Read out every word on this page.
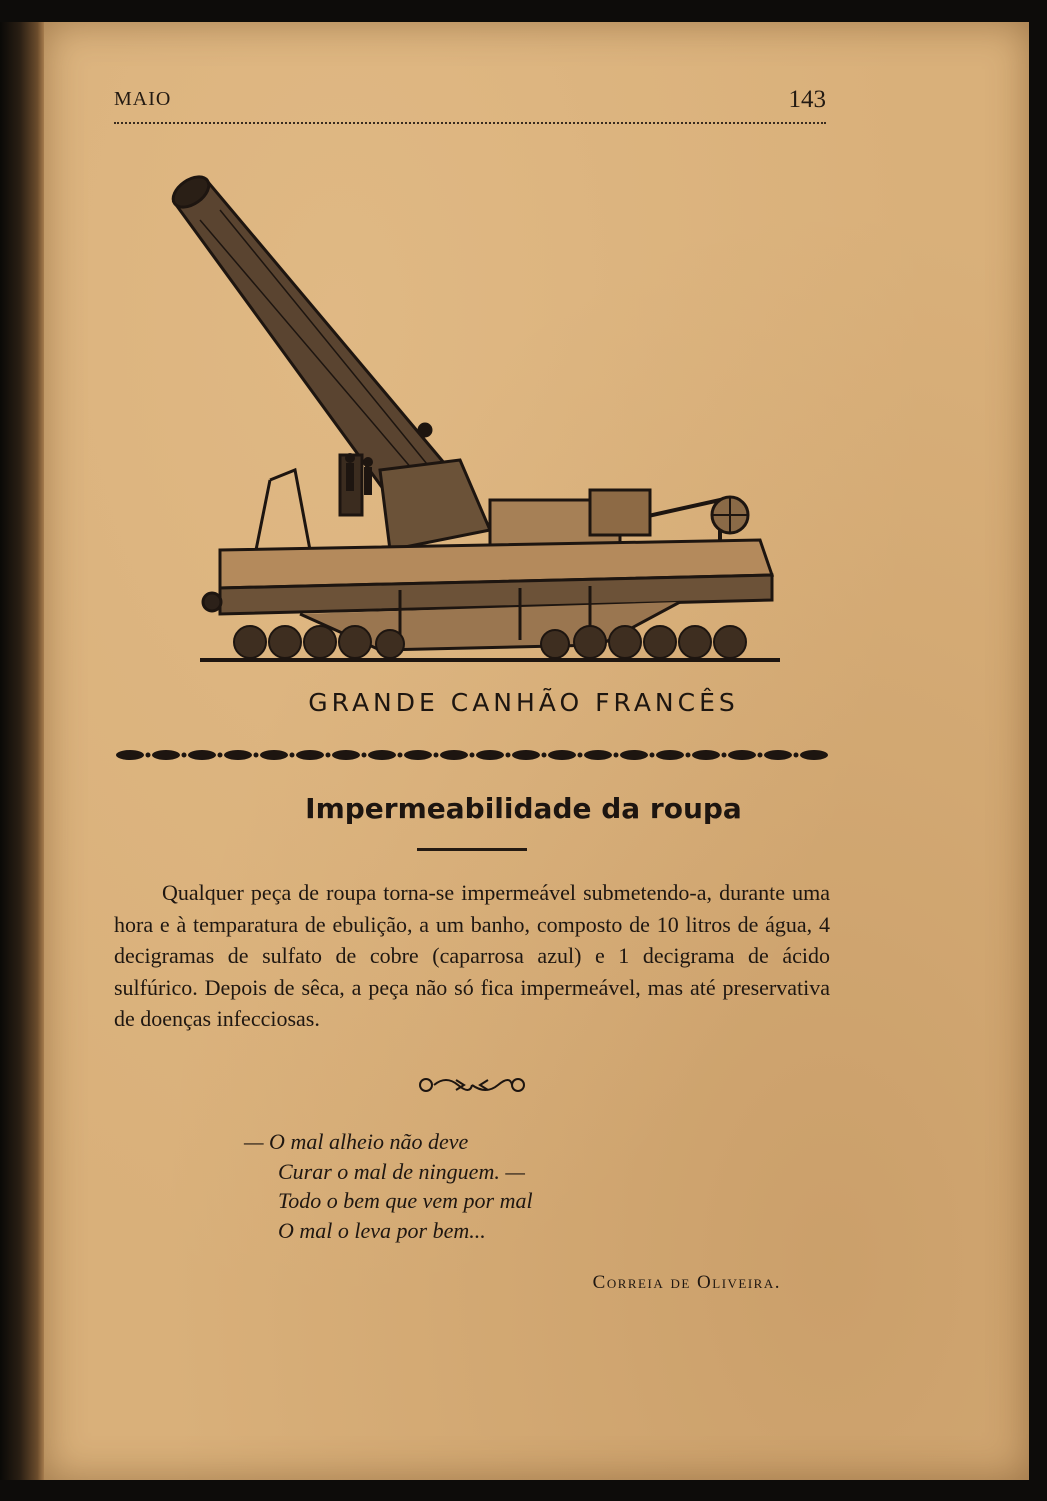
MAIO	143
GRANDE CANHÃO FRANCÊS
Impermeabilidade da roupa

Qualquer peça de roupa torna-se impermeável submetendo-a, durante uma hora e à temparatura de ebulição, a um banho, composto de 10 litros de água, 4 decigramas de sulfato de cobre (caparrosa azul) e 1 decigrama de ácido sulfúrico. Depois de sêca, a peça não só fica impermeável, mas até preservativa de doenças infecciosas.

— O mal alheio não deve
Curar o mal de ninguem. —
Todo o bem que vem por mal
O mal o leva por bem...
Correia de Oliveira.
